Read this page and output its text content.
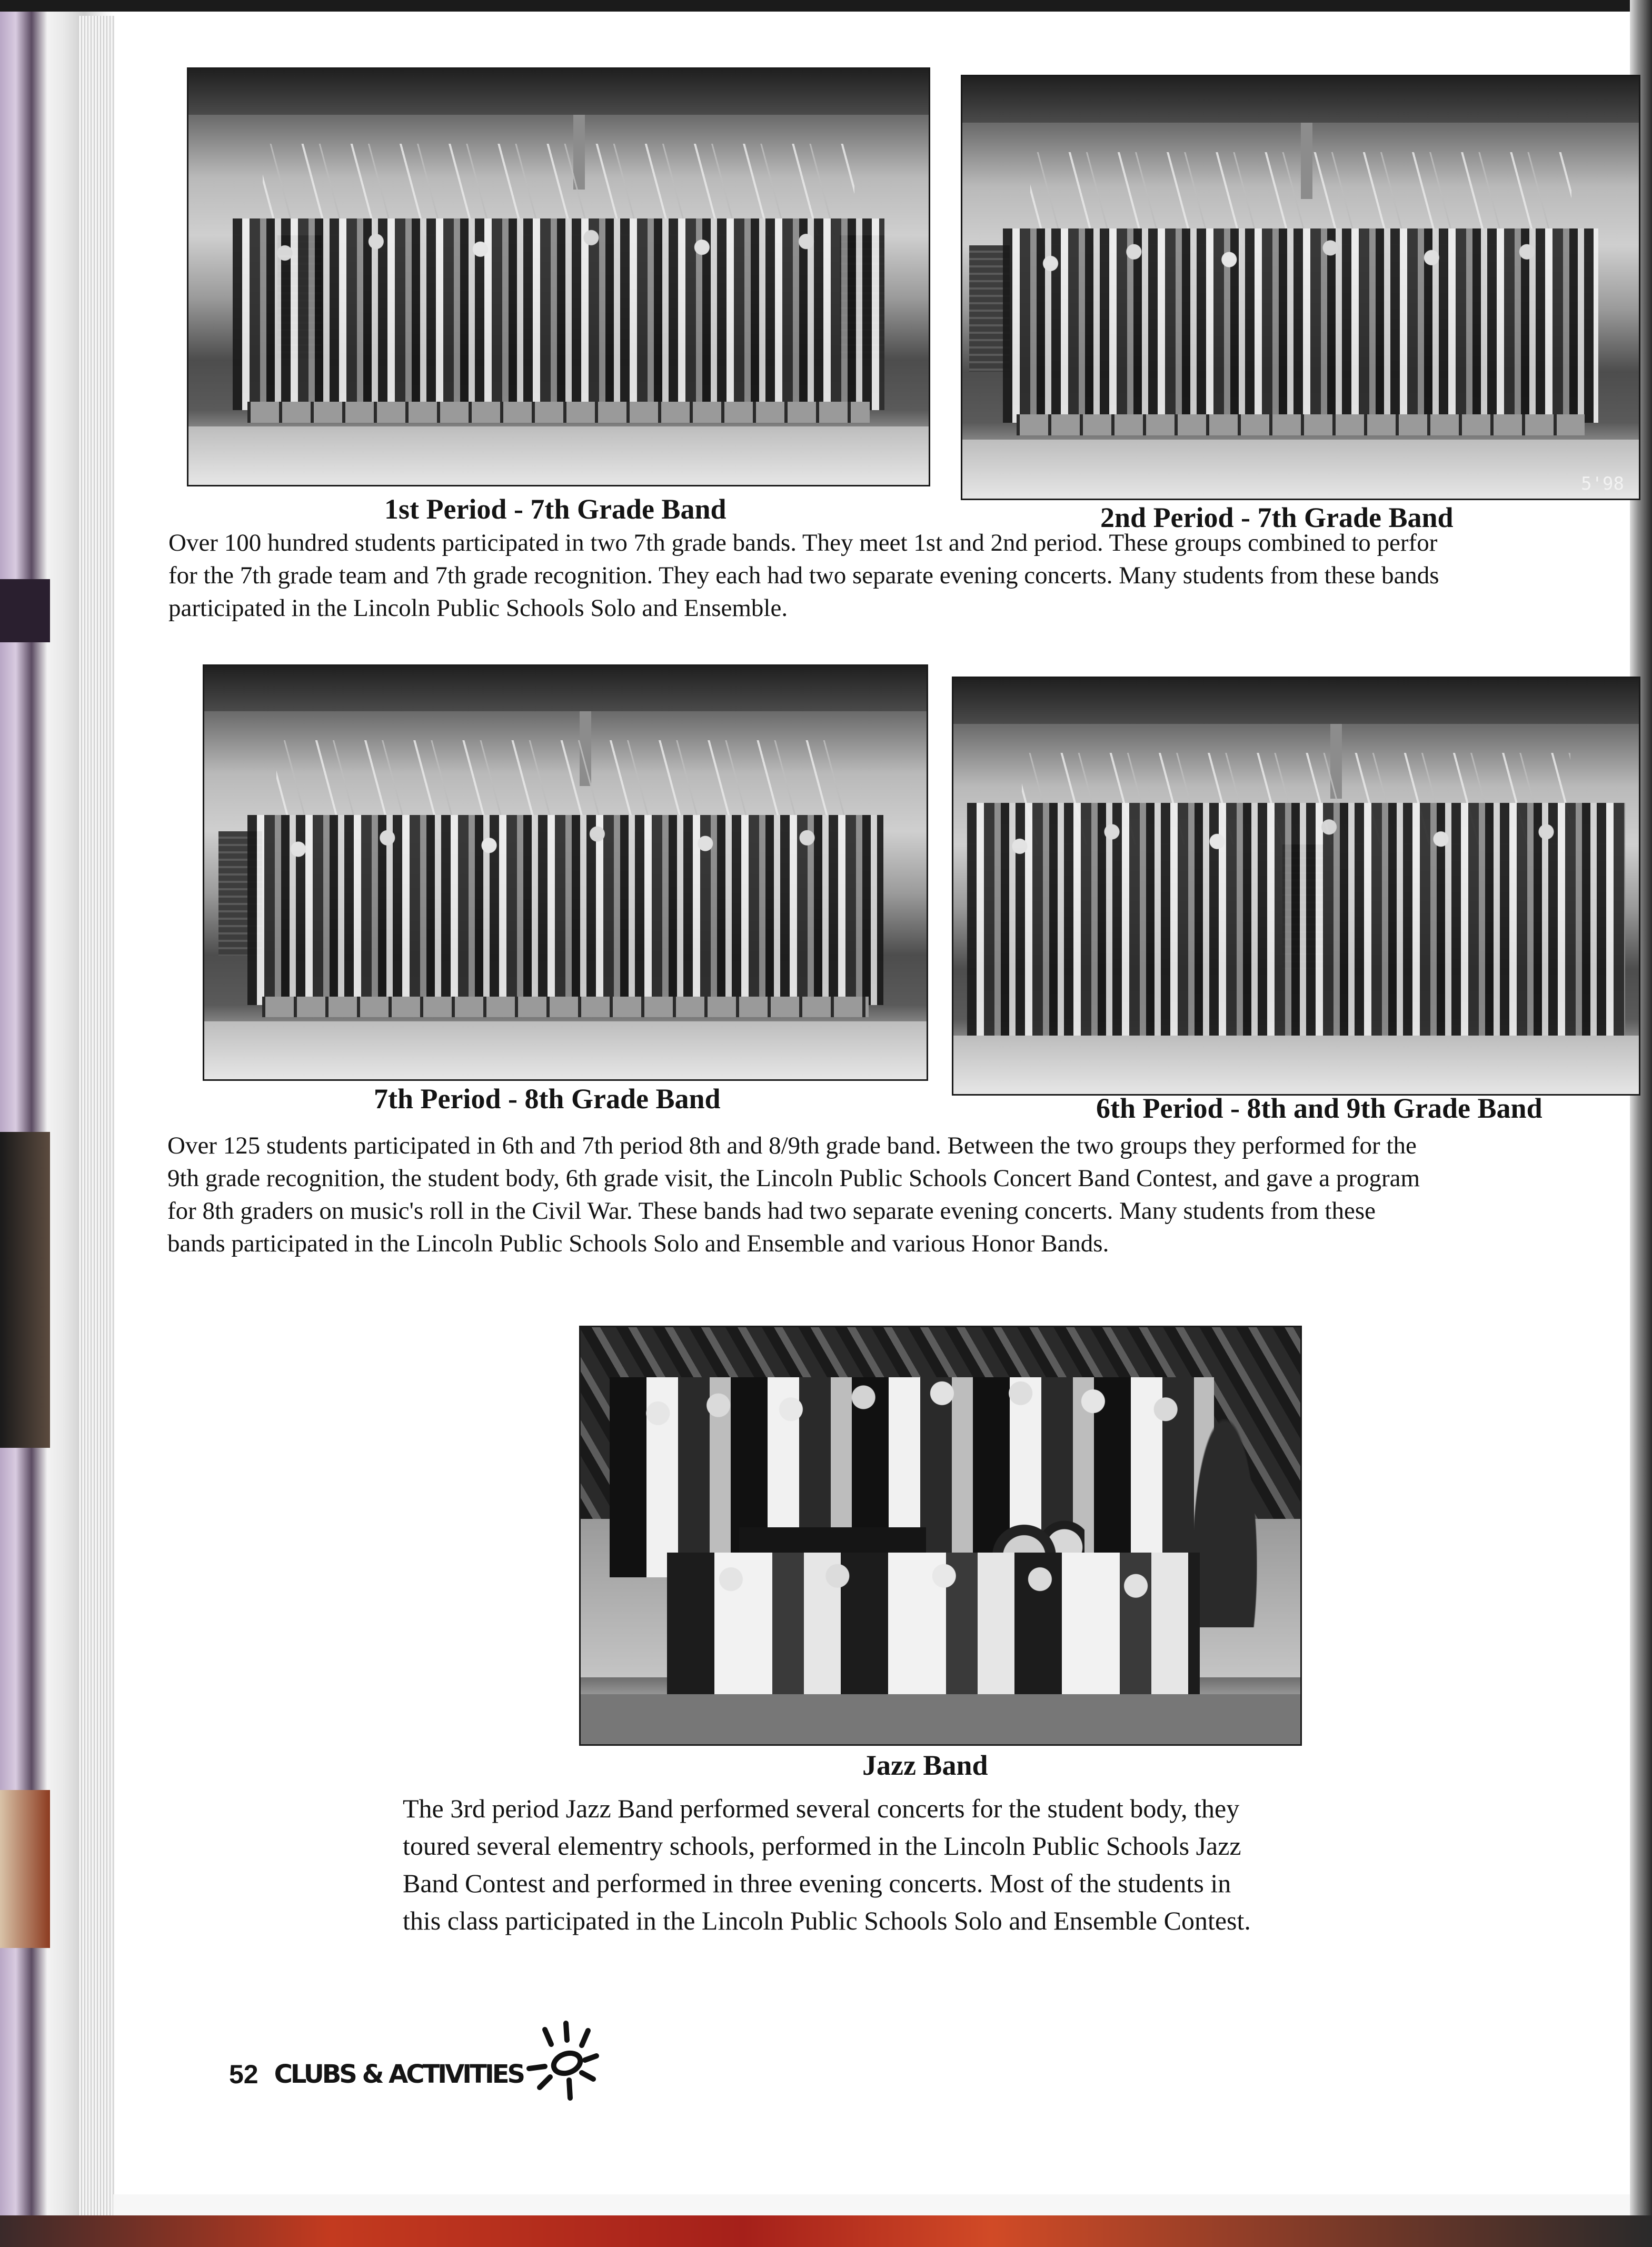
1st Period - 7th Grade Band

5'98

2nd Period - 7th Grade Band

Over 100 hundred students participated in two 7th grade bands. They meet 1st and 2nd period. These groups combined to perfor
for the 7th grade team and 7th grade recognition. They each had two separate evening concerts. Many students from these bands
participated in the Lincoln Public Schools Solo and Ensemble.

7th Period - 8th Grade Band	6th Period - 8th and 9th Grade Band

Over 125 students participated in 6th and 7th period 8th and 8/9th grade band. Between the two groups they performed for the
9th grade recognition, the student body, 6th grade visit, the Lincoln Public Schools Concert Band Contest, and gave a program
for 8th graders on music's roll in the Civil War. These bands had two separate evening concerts. Many students from these
bands participated in the Lincoln Public Schools Solo and Ensemble and various Honor Bands.

Jazz Band

The 3rd period Jazz Band performed several concerts for the student body, they
toured several elementry schools, performed in the Lincoln Public Schools Jazz
Band Contest and performed in three evening concerts. Most of the students in
this class participated in the Lincoln Public Schools Solo and Ensemble Contest.
52 CLUBS & ACTIVITIES
